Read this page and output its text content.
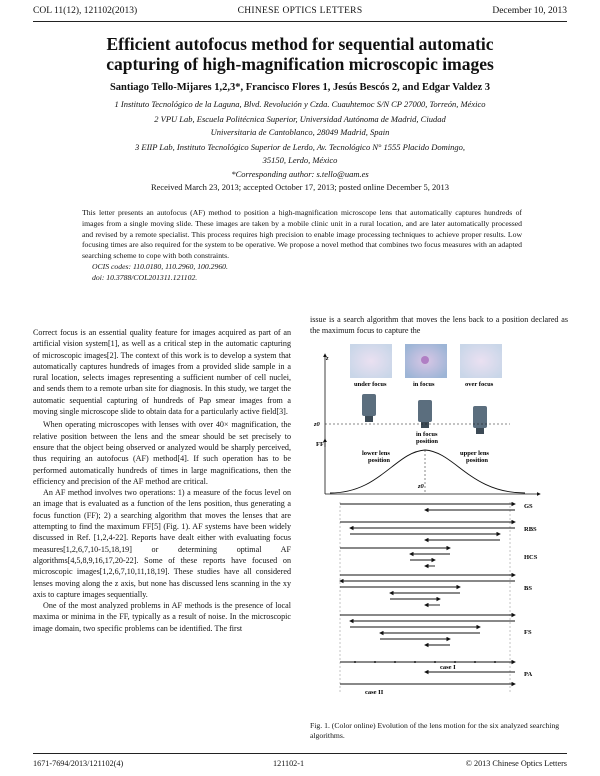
COL 11(12), 121102(2013)	CHINESE OPTICS LETTERS	December 10, 2013
Efficient autofocus method for sequential automatic
capturing of high-magnification microscopic images
Santiago Tello-Mijares 1,2,3*, Francisco Flores 1, Jesús Bescós 2, and Edgar Valdez 3
1 Instituto Tecnológico de la Laguna, Blvd. Revolución y Czda. Cuauhtemoc S/N CP 27000, Torreón, México
2 VPU Lab, Escuela Politécnica Superior, Universidad Autónoma de Madrid, Ciudad
Universitaria de Cantoblanco, 28049 Madrid, Spain
3 EIIP Lab, Instituto Tecnológico Superior de Lerdo, Av. Tecnológico N° 1555 Placido Domingo,
35150, Lerdo, México
*Corresponding author: s.tello@uam.es
Received March 23, 2013; accepted October 17, 2013; posted online December 5, 2013
This letter presents an autofocus (AF) method to position a high-magnification microscope lens that automatically captures hundreds of images from a single moving slide. These images are taken by a mobile clinic unit in a rural location, and are later automatically processed and revised by a remote specialist. This process requires high precision to enable image processing techniques to achieve proper results. Low focusing times are also required for the system to be operative. We propose a novel method that combines two focus measures with an adapted searching scheme to cope with both constraints.
OCIS codes: 110.0180, 110.2960, 100.2960.
doi: 10.3788/COL201311.121102.

Correct focus is an essential quality feature for images acquired as part of an artificial vision system[1], as well as a critical step in the automatic capturing of microscopic images[2]. The context of this work is to develop a system that automatically captures hundreds of images from a provided slide sample in a rural location, selects images representing a sufficient number of cell nuclei, and sends them to a remote urban site for diagnosis. In this study, we target the automatic sequential capturing of hundreds of Pap smear images from a moving single microscope slide to obtain data for a particularly active field[3].

When operating microscopes with lenses with over 40× magnification, the relative position between the lens and the smear should be set precisely to ensure that the object being observed or analyzed would be sharply perceived, thus requiring an autofocus (AF) method[4]. If such operation has to be performed automatically hundreds of times in large magnifications, then the efficiency and precision of the AF method are critical.

An AF method involves two operations: 1) a measure of the focus level on an image that is evaluated as a function of the lens position, thus generating a focus function (FF); 2) a searching algorithm that moves the lenses that are attempting to find the maximum FF[5] (Fig. 1). AF systems have been widely discussed in Ref. [1,2,4-22]. Reports have dealt either with evaluating focus measures[1,2,6,7,10-15,18,19] or determining optimal AF algorithms[4,5,8,9,16,17,20-22]. Some of these reports have focused on microscopic images[1,2,6,7,10,11,18,19]. These studies have all considered lenses moving along the z axis, but none has discussed lens scanning in the xy axis to capture images sequentially.

One of the most analyzed problems in AF methods is the presence of local maxima or minima in the FF, typically as a result of noise. In the microscopic image domain, two specific problems can be identified. The first

issue is a search algorithm that moves the lens back to a position declared as the maximum focus to capture the

z
under focus	in focus	over focus
z0
in focus
position
FF
z0
lower lens
position
upper lens
position
GS
RBS
HCS
BS
FS
PA
case I
case II
Fig. 1. (Color online) Evolution of the lens motion for the six analyzed searching algorithms.
1671-7694/2013/121102(4)	121102-1	© 2013 Chinese Optics Letters
